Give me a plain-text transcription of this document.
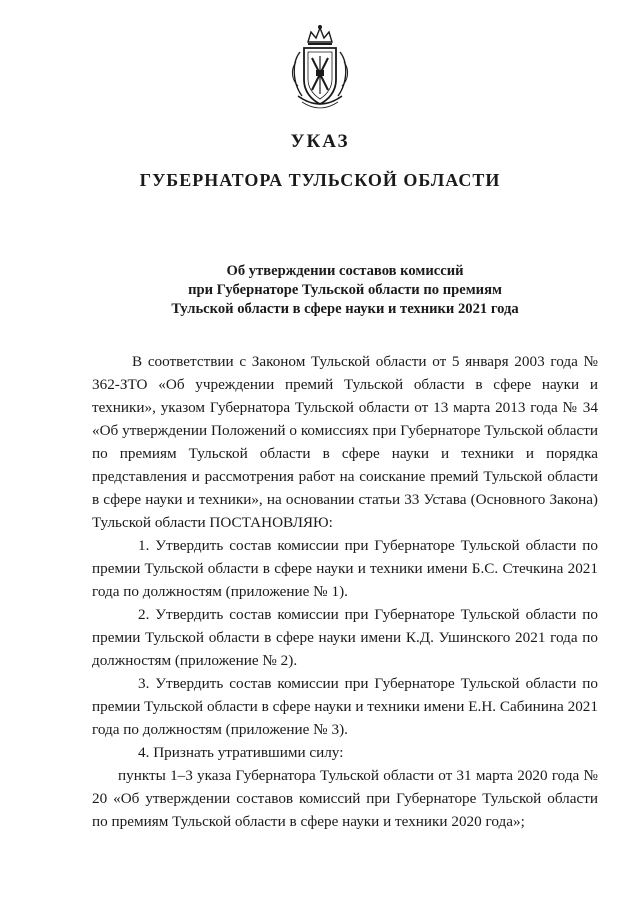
УКАЗ
ГУБЕРНАТОРА ТУЛЬСКОЙ ОБЛАСТИ
Об утверждении составов комиссий
при Губернаторе Тульской области по премиям
Тульской области в сфере науки и техники 2021 года

В соответствии с Законом Тульской области от 5 января 2003 года № 362-ЗТО «Об учреждении премий Тульской области в сфере науки и техники», указом Губернатора Тульской области от 13 марта 2013 года № 34 «Об утверждении Положений о комиссиях при Губернаторе Тульской области по премиям Тульской области в сфере науки и техники и порядка представления и рассмотрения работ на соискание премий Тульской области в сфере науки и техники», на основании статьи 33 Устава (Основного Закона) Тульской области ПОСТАНОВЛЯЮ:

1. Утвердить состав комиссии при Губернаторе Тульской области по премии Тульской области в сфере науки и техники имени Б.С. Стечкина 2021 года по должностям (приложение № 1).

2. Утвердить состав комиссии при Губернаторе Тульской области по премии Тульской области в сфере науки имени К.Д. Ушинского 2021 года по должностям (приложение № 2).

3. Утвердить состав комиссии при Губернаторе Тульской области по премии Тульской области в сфере науки и техники имени Е.Н. Сабинина 2021 года по должностям (приложение № 3).

4. Признать утратившими силу:

пункты 1–3 указа Губернатора Тульской области от 31 марта 2020 года № 20 «Об утверждении составов комиссий при Губернаторе Тульской области по премиям Тульской области в сфере науки и техники 2020 года»;
